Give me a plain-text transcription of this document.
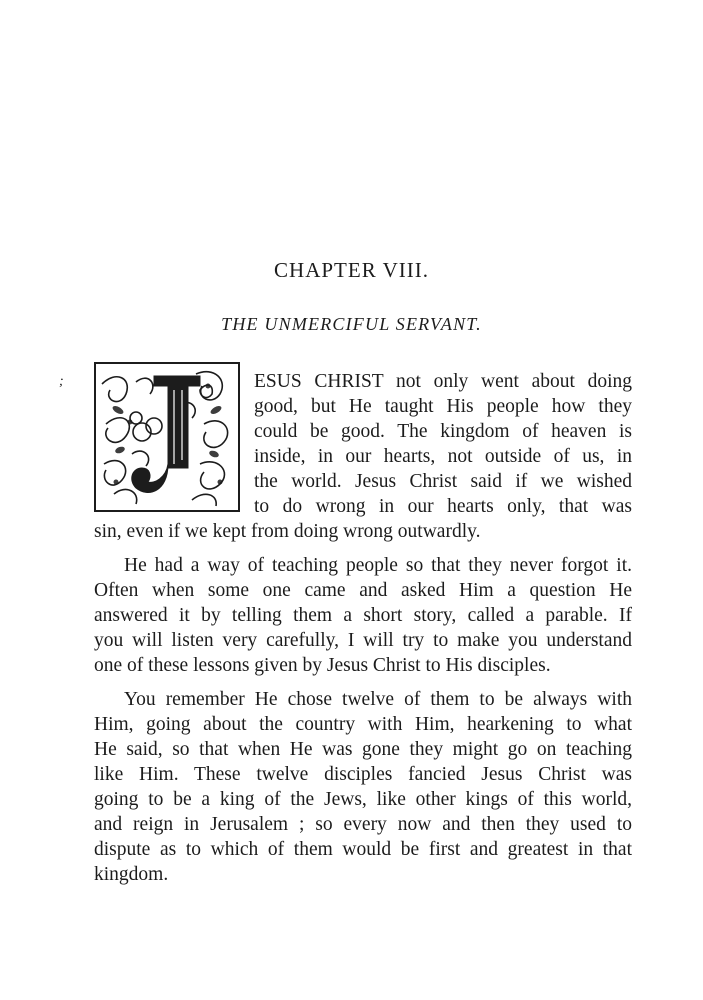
CHAPTER VIII.
THE UNMERCIFUL SERVANT.
;	ESUS CHRIST not only went about doing
good, but He taught His people how they
could be good. The kingdom of heaven is
inside, in our hearts, not outside of us, in
the world. Jesus Christ said if we wished
to do wrong in our hearts only, that was
sin, even if we kept from doing wrong outwardly.
He had a way of teaching people so that they never forgot it.
Often when some one came and asked Him a question He
answered it by telling them a short story, called a parable. If
you will listen very carefully, I will try to make you understand
one of these lessons given by Jesus Christ to His disciples.
You remember He chose twelve of them to be always with
Him, going about the country with Him, hearkening to what
He said, so that when He was gone they might go on teaching
like Him. These twelve disciples fancied Jesus Christ was
going to be a king of the Jews, like other kings of this world,
and reign in Jerusalem ; so every now and then they used to
dispute as to which of them would be first and greatest in that
kingdom.
